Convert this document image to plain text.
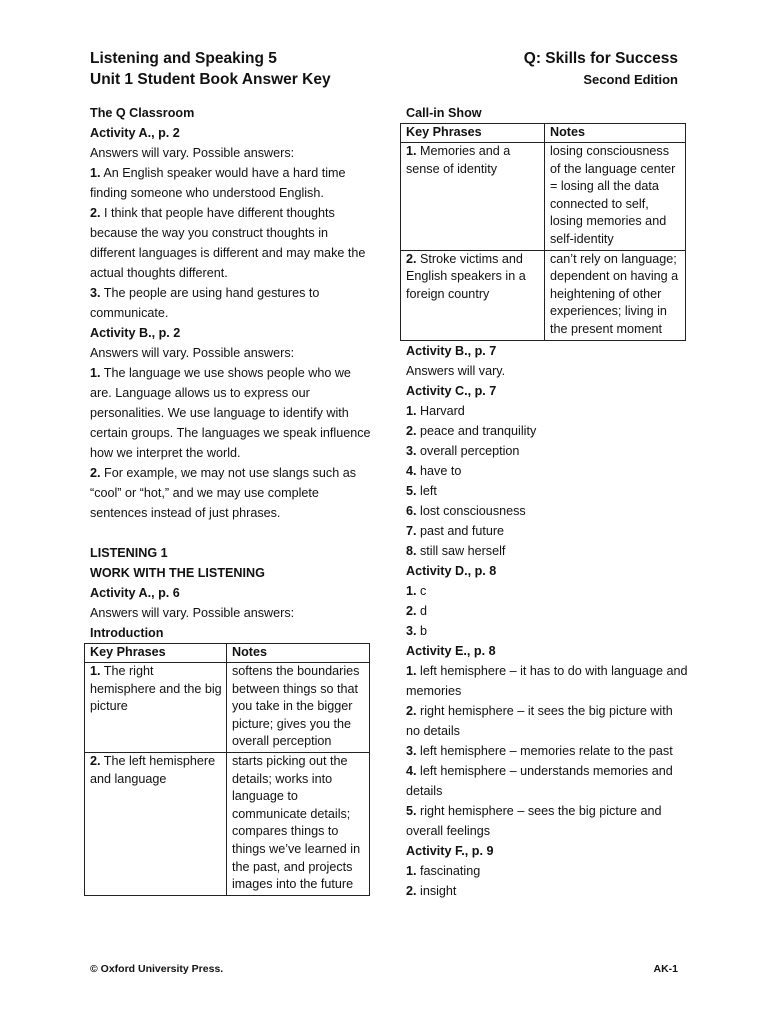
Listening and Speaking 5
Unit 1 Student Book Answer Key
Q: Skills for Success
Second Edition

The Q Classroom

Activity A., p. 2

Answers will vary. Possible answers:

1. An English speaker would have a hard time finding someone who understood English.

2. I think that people have different thoughts because the way you construct thoughts in different languages is different and may make the actual thoughts different.

3. The people are using hand gestures to communicate.

Activity B., p. 2

Answers will vary. Possible answers:

1. The language we use shows people who we are. Language allows us to express our personalities. We use language to identify with certain groups. The languages we speak influence how we interpret the world.

2. For example, we may not use slangs such as “cool” or “hot,” and we may use complete sentences instead of just phrases.

LISTENING 1

WORK WITH THE LISTENING

Activity A., p. 6

Answers will vary. Possible answers:

Introduction

Key Phrases	Notes
1. The right hemisphere and the big picture	softens the boundaries between things so that you take in the bigger picture; gives you the overall perception
2. The left hemisphere and language	starts picking out the details; works into language to communicate details; compares things to things we’ve learned in the past, and projects images into the future

Call-in Show

Key Phrases	Notes
1. Memories and a sense of identity	losing consciousness of the language center = losing all the data connected to self, losing memories and self-identity
2. Stroke victims and English speakers in a foreign country	can’t rely on language; dependent on having a heightening of other experiences; living in the present moment

Activity B., p. 7

Answers will vary.

Activity C., p. 7

1. Harvard

2. peace and tranquility

3. overall perception

4. have to

5. left

6. lost consciousness

7. past and future

8. still saw herself

Activity D., p. 8

1. c

2. d

3. b

Activity E., p. 8

1. left hemisphere – it has to do with language and memories

2. right hemisphere – it sees the big picture with no details

3. left hemisphere – memories relate to the past

4. left hemisphere – understands memories and details

5. right hemisphere – sees the big picture and overall feelings

Activity F., p. 9

1. fascinating

2. insight

© Oxford University Press.	AK-1
